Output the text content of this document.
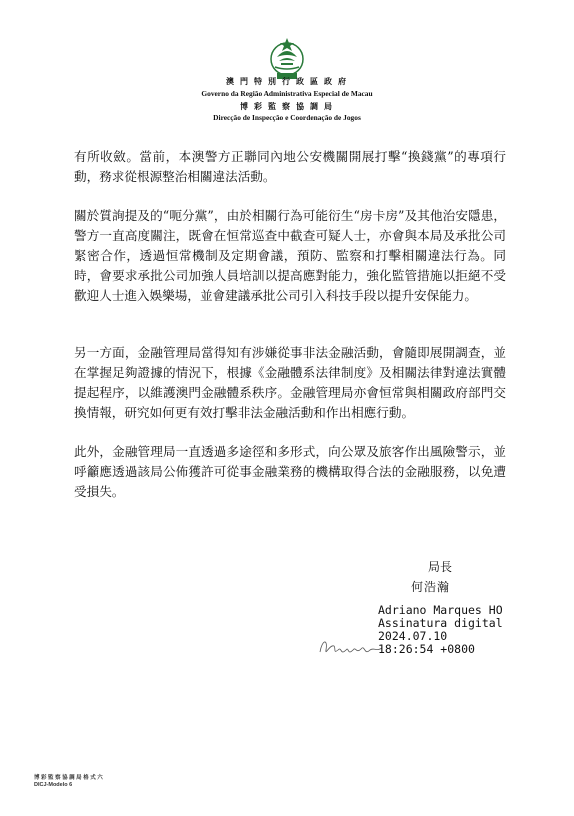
澳 門 特 別 行 政 區 政 府
Governo da Região Administrativa Especial de Macau
博 彩 監 察 協 調 局
Direcção de Inspecção e Coordenação de Jogos

有所收斂。當前，本澳警方正聯同內地公安機關開展打擊“換錢黨”的專項行動，務求從根源整治相關違法活動。

關於質詢提及的“呃分黨”，由於相關行為可能衍生“房卡房”及其他治安隱患，警方一直高度關注，既會在恒常巡查中截查可疑人士，亦會與本局及承批公司緊密合作，透過恒常機制及定期會議，預防、監察和打擊相關違法行為。同時，會要求承批公司加強人員培訓以提高應對能力，強化監管措施以拒絕不受歡迎人士進入娛樂場，並會建議承批公司引入科技手段以提升安保能力。

另一方面，金融管理局當得知有涉嫌從事非法金融活動，會隨即展開調查，並在掌握足夠證據的情況下，根據《金融體系法律制度》及相關法律對違法實體提起程序，以維護澳門金融體系秩序。金融管理局亦會恒常與相關政府部門交換情報，研究如何更有效打擊非法金融活動和作出相應行動。

此外，金融管理局一直透過多途徑和多形式，向公眾及旅客作出風險警示，並呼籲應透過該局公佈獲許可從事金融業務的機構取得合法的金融服務，以免遭受損失。

局長
何浩瀚
Adriano Marques HO
Assinatura digital
2024.07.10
18:26:54 +0800
博 彩 監 察 協 調 局 格 式 六
DICJ-Modelo 6
